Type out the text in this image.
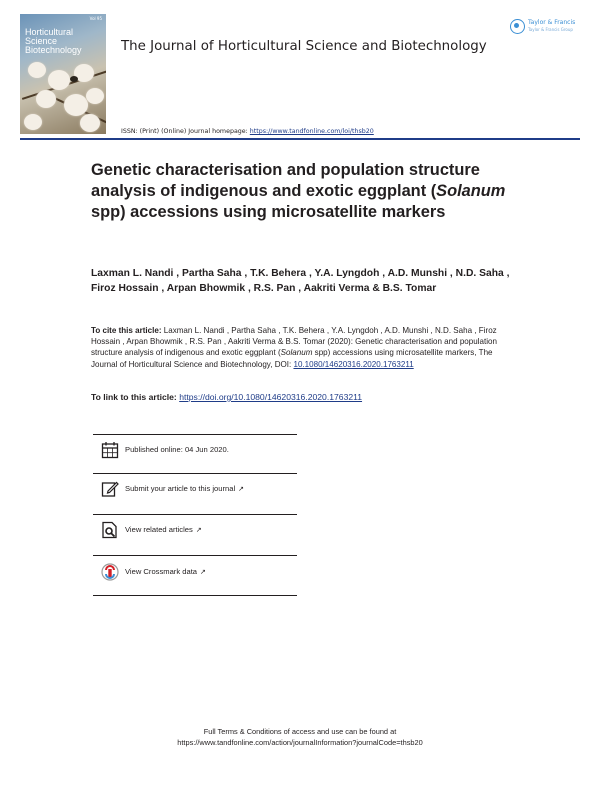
Vol 95
Horticultural
Science
Biotechnology	The Journal of Horticultural Science and Biotechnology
Taylor & Francis
Taylor & Francis Group
ISSN: (Print) (Online) Journal homepage: https://www.tandfonline.com/loi/thsb20
Genetic characterisation and population structure analysis of indigenous and exotic eggplant (Solanum spp) accessions using microsatellite markers
Laxman L. Nandi , Partha Saha , T.K. Behera , Y.A. Lyngdoh , A.D. Munshi , N.D. Saha , Firoz Hossain , Arpan Bhowmik , R.S. Pan , Aakriti Verma & B.S. Tomar
To cite this article: Laxman L. Nandi , Partha Saha , T.K. Behera , Y.A. Lyngdoh , A.D. Munshi , N.D. Saha , Firoz Hossain , Arpan Bhowmik , R.S. Pan , Aakriti Verma & B.S. Tomar (2020): Genetic characterisation and population structure analysis of indigenous and exotic eggplant (Solanum spp) accessions using microsatellite markers, The Journal of Horticultural Science and Biotechnology, DOI: 10.1080/14620316.2020.1763211
To link to this article: https://doi.org/10.1080/14620316.2020.1763211
Published online: 04 Jun 2020.
Submit your article to this journal ↗
View related articles ↗
View Crossmark data ↗
Full Terms & Conditions of access and use can be found at
https://www.tandfonline.com/action/journalInformation?journalCode=thsb20
